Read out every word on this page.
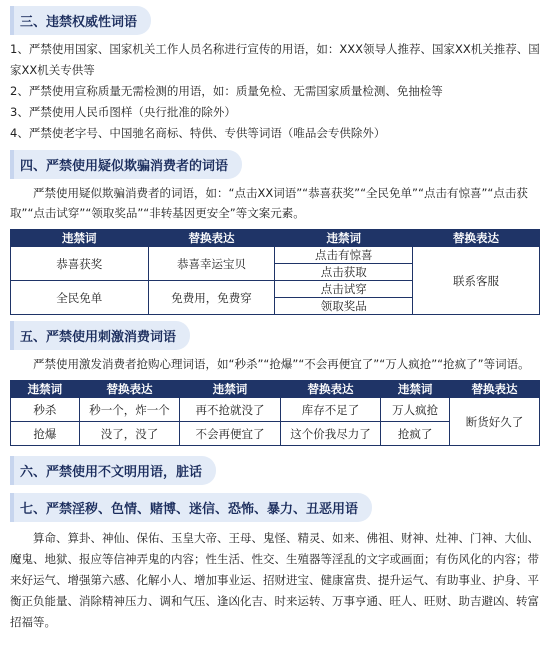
三、违禁权威性词语
1、严禁使用国家、国家机关工作人员名称进行宣传的用语，如：XXX领导人推荐、国家XX机关推荐、国家XX机关专供等
2、严禁使用宣称质量无需检测的用语，如：质量免检、无需国家质量检测、免抽检等
3、严禁使用人民币图样（央行批准的除外）
4、严禁使老字号、中国驰名商标、特供、专供等词语（唯品会专供除外）
四、严禁使用疑似欺骗消费者的词语
严禁使用疑似欺骗消费者的词语，如：“点击XX词语”“恭喜获奖”“全民免单”“点击有惊喜”“点击获取”“点击试穿”“领取奖品”“非转基因更安全”等文案元素。
违禁词	替换表达	违禁词	替换表达
恭喜获奖	恭喜幸运宝贝	点击有惊喜	联系客服
		点击获取	
全民免单	免费用，免费穿	点击试穿	
		领取奖品	
五、严禁使用刺激消费词语
严禁使用激发消费者抢购心理词语，如“秒杀”“抢爆”“不会再便宜了”“万人疯抢”“抢疯了”等词语。
违禁词	替换表达	违禁词	替换表达	违禁词	替换表达
秒杀	秒一个，炸一个	再不抢就没了	库存不足了	万人疯抢	断货好久了
抢爆	没了，没了	不会再便宜了	这个价我尽力了	抢疯了	
六、严禁使用不文明用语，脏话
七、严禁淫秽、色情、赌博、迷信、恐怖、暴力、丑恶用语
算命、算卦、神仙、保佑、玉皇大帝、王母、鬼怪、精灵、如来、佛祖、财神、灶神、门神、大仙、魔鬼、地狱、报应等信神弄鬼的内容；性生活、性交、生殖器等淫乱的文字或画面；有伤风化的内容；带来好运气、增强第六感、化解小人、增加事业运、招财进宝、健康富贵、提升运气、有助事业、护身、平衡正负能量、消除精神压力、调和气压、逢凶化吉、时来运转、万事亨通、旺人、旺财、助吉避凶、转富招福等。
